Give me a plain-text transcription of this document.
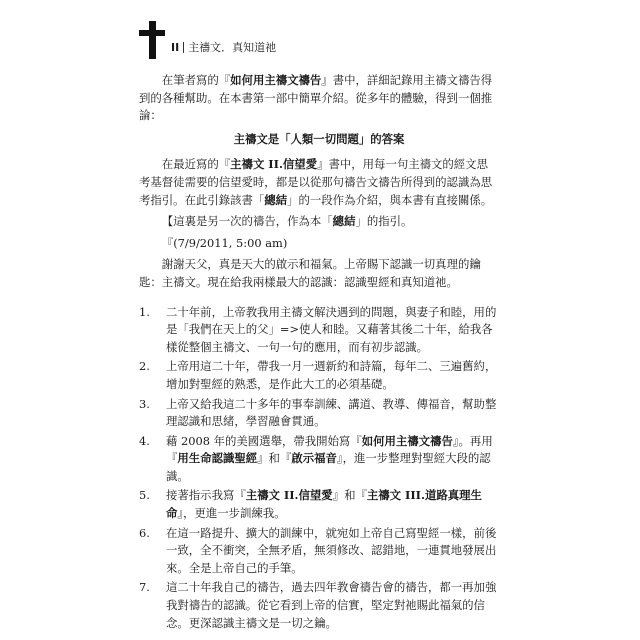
II 主禱文．真知道祂

在筆者寫的『如何用主禱文禱告』書中，詳細記錄用主禱文禱告得到的各種幫助。在本書第一部中簡單介紹。從多年的體驗，得到一個推論：

主禱文是「人類一切問題」的答案

在最近寫的『主禱文 II.信望愛』書中，用每一句主禱文的經文思考基督徒需要的信望愛時，都是以從那句禱告文禱告所得到的認識為思考指引。在此引錄該書「總結」的一段作為介紹，與本書有直接關係。

【這裏是另一次的禱告，作為本「總結」的指引。

『(7/9/2011, 5:00 am)

謝謝天父，真是天大的啟示和福氣。上帝賜下認識一切真理的鑰匙：主禱文。現在給我兩樣最大的認識：認識聖經和真知道祂。

1.	二十年前，上帝教我用主禱文解決遇到的問題，與妻子和睦，用的是「我們在天上的父」=>使人和睦。又藉著其後二十年，給我各樣從整個主禱文、一句一句的應用，而有初步認識。
2.	上帝用這二十年，帶我一月一週新約和詩篇，每年二、三遍舊約，增加對聖經的熟悉，是作此大工的必須基礎。
3.	上帝又給我這二十多年的事奉訓練、講道、教導、傳福音，幫助整理認識和思緒，學習融會貫通。
4.	藉 2008 年的美國選舉，帶我開始寫『如何用主禱文禱告』。再用『用生命認識聖經』和『啟示福音』，進一步整理對聖經大段的認識。
5.	接著指示我寫『主禱文 II.信望愛』和『主禱文 III.道路真理生命』，更進一步訓練我。
6.	在這一路提升、擴大的訓練中，就宛如上帝自己寫聖經一樣，前後一致，全不衝突，全無矛盾，無須修改、認錯地，一連貫地發展出來。全是上帝自己的手筆。
7.	這二十年我自己的禱告，過去四年教會禱告會的禱告，都一再加強我對禱告的認識。從它看到上帝的信實，堅定對祂賜此福氣的信念。更深認識主禱文是一切之鑰。
